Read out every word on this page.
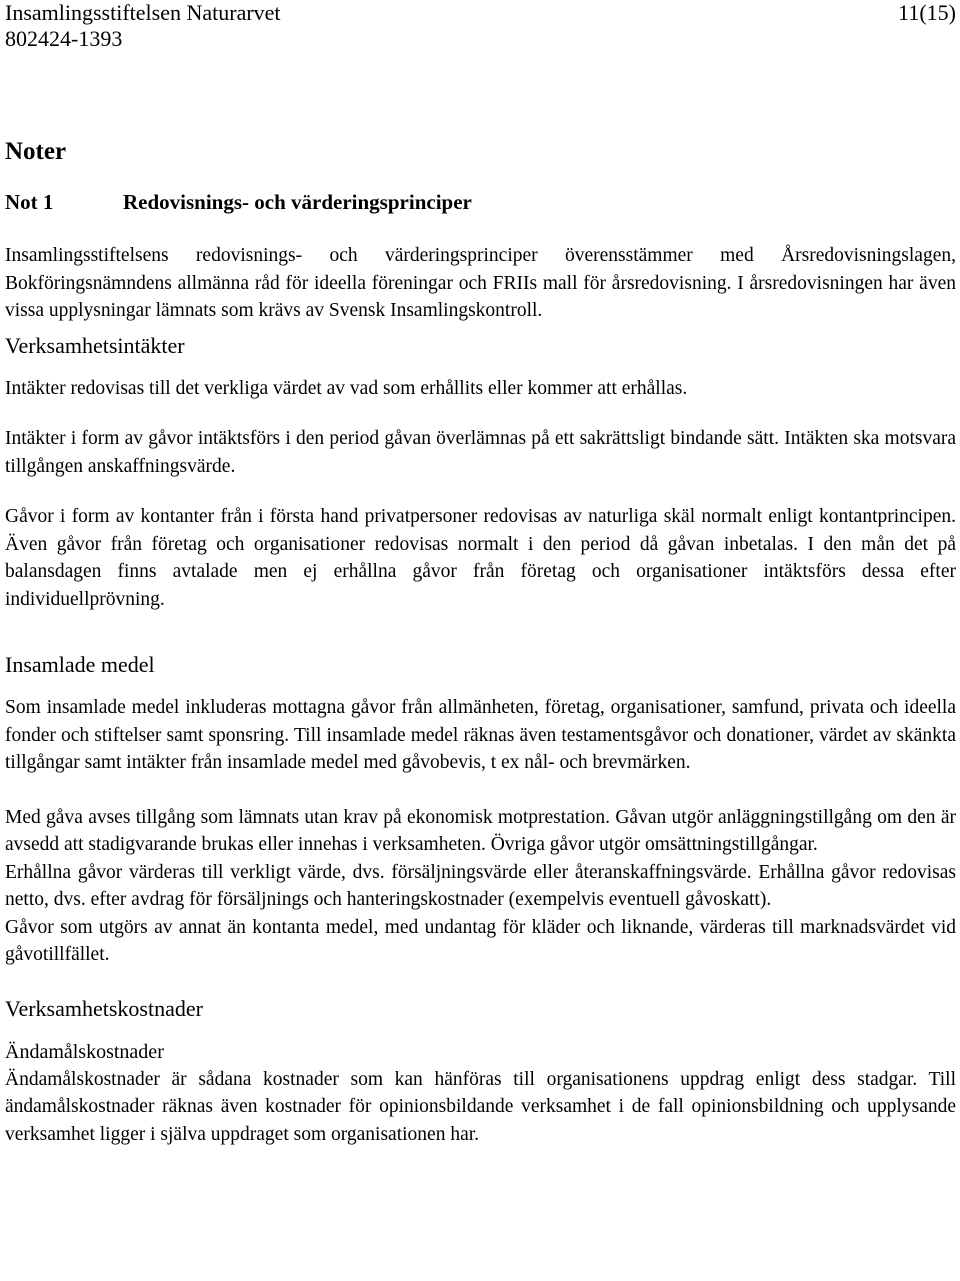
Insamlingsstiftelsen Naturarvet	11(15)
802424-1393
Noter
Not 1	Redovisnings- och värderingsprinciper

Insamlingsstiftelsens redovisnings- och värderingsprinciper överensstämmer med Årsredovisningslagen, Bokföringsnämndens allmänna råd för ideella föreningar och FRIIs mall för årsredovisning. I årsredovisningen har även vissa upplysningar lämnats som krävs av Svensk Insamlingskontroll.

Verksamhetsintäkter

Intäkter redovisas till det verkliga värdet av vad som erhållits eller kommer att erhållas.

Intäkter i form av gåvor intäktsförs i den period gåvan överlämnas på ett sakrättsligt bindande sätt. Intäkten ska motsvara tillgången anskaffningsvärde.

Gåvor i form av kontanter från i första hand privatpersoner redovisas av naturliga skäl normalt enligt kontantprincipen. Även gåvor från företag och organisationer redovisas normalt i den period då gåvan inbetalas. I den mån det på balansdagen finns avtalade men ej erhållna gåvor från företag och organisationer intäktsförs dessa efter individuellprövning.

Insamlade medel

Som insamlade medel inkluderas mottagna gåvor från allmänheten, företag, organisationer, samfund, privata och ideella fonder och stiftelser samt sponsring. Till insamlade medel räknas även testamentsgåvor och donationer, värdet av skänkta tillgångar samt intäkter från insamlade medel med gåvobevis, t ex nål- och brevmärken.

Med gåva avses tillgång som lämnats utan krav på ekonomisk motprestation. Gåvan utgör anläggningstillgång om den är avsedd att stadigvarande brukas eller innehas i verksamheten. Övriga gåvor utgör omsättningstillgångar.

Erhållna gåvor värderas till verkligt värde, dvs. försäljningsvärde eller återanskaffningsvärde. Erhållna gåvor redovisas netto, dvs. efter avdrag för försäljnings och hanteringskostnader (exempelvis eventuell gåvoskatt).

Gåvor som utgörs av annat än kontanta medel, med undantag för kläder och liknande, värderas till marknadsvärdet vid gåvotillfället.

Verksamhetskostnader
Ändamålskostnader

Ändamålskostnader är sådana kostnader som kan hänföras till organisationens uppdrag enligt dess stadgar. Till ändamålskostnader räknas även kostnader för opinionsbildande verksamhet i de fall opinionsbildning och upplysande verksamhet ligger i själva uppdraget som organisationen har.
